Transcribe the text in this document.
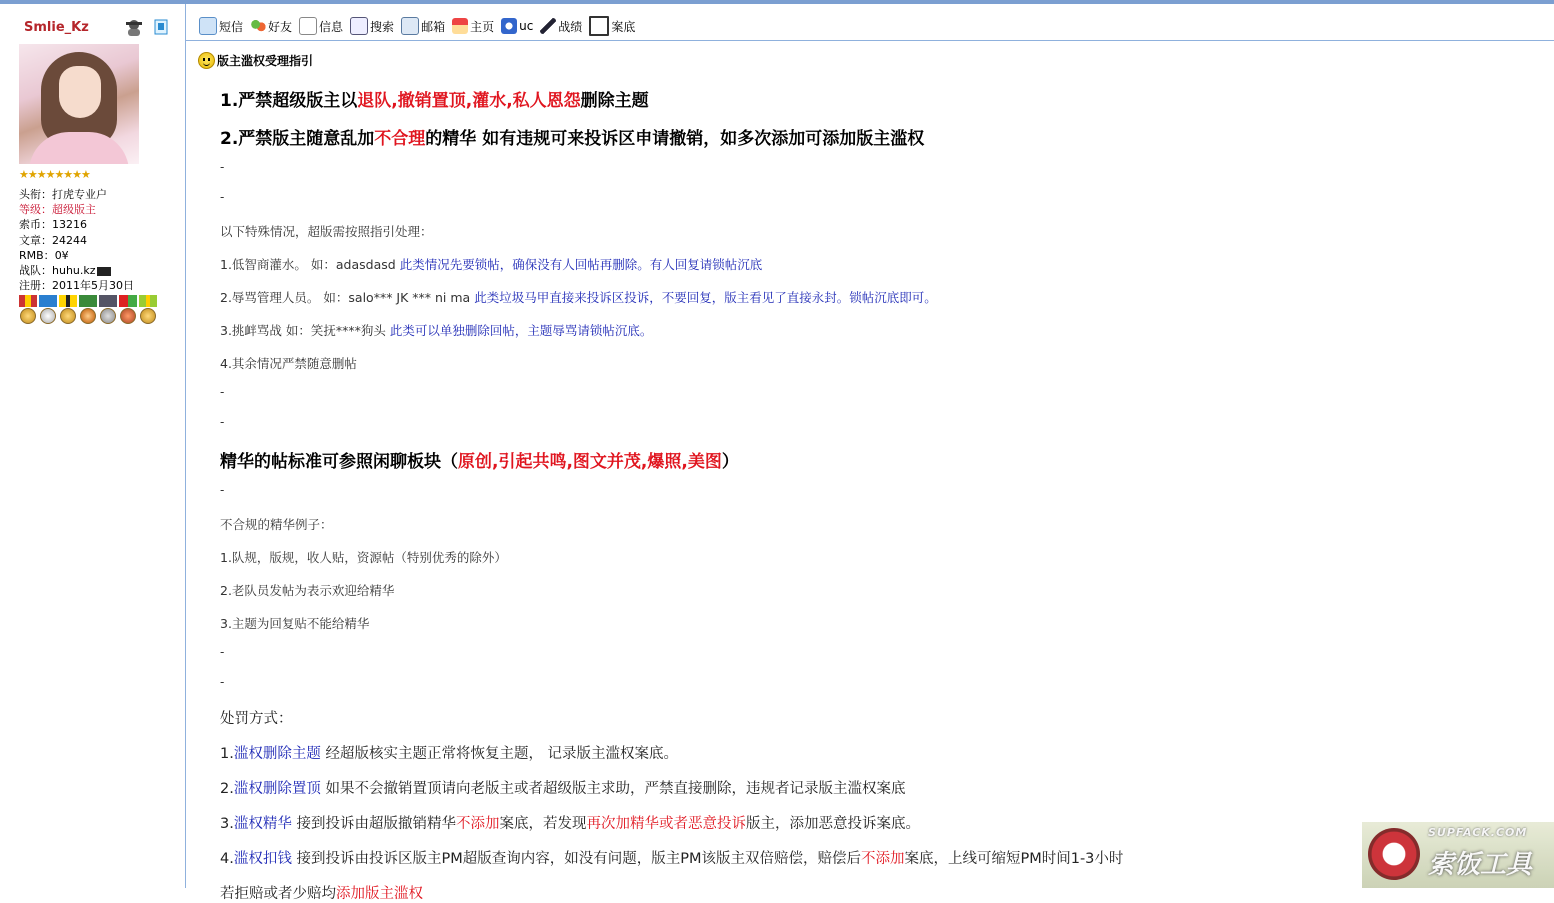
Smlie_Kz
★★★★★★★★
头衔：打虎专业户
等级：超级版主
索币：13216
文章：24244
RMB：0¥
战队：huhu.kz
注册：2011年5月30日
短信 好友 信息 搜索 邮箱 主页 uc 战绩 案底
版主滥权受理指引
1.严禁超级版主以退队,撤销置顶,灌水,私人恩怨删除主题
2.严禁版主随意乱加不合理的精华 如有违规可来投诉区申请撤销，如多次添加可添加版主滥权
-
-
以下特殊情况，超版需按照指引处理：
1.低智商灌水。 如：adasdasd 此类情况先要锁帖，确保没有人回帖再删除。有人回复请锁帖沉底
2.辱骂管理人员。 如：salo*** JK *** ni ma 此类垃圾马甲直接来投诉区投诉，不要回复，版主看见了直接永封。锁帖沉底即可。
3.挑衅骂战 如：笑抚****狗头 此类可以单独删除回帖，主题辱骂请锁帖沉底。
4.其余情况严禁随意删帖
-
-
精华的帖标准可参照闲聊板块（原创,引起共鸣,图文并茂,爆照,美图）
-
不合规的精华例子：
1.队规，版规，收人贴，资源帖（特别优秀的除外）
2.老队员发帖为表示欢迎给精华
3.主题为回复贴不能给精华
-
-
处罚方式：
1.滥权删除主题 经超版核实主题正常将恢复主题， 记录版主滥权案底。
2.滥权删除置顶 如果不会撤销置顶请向老版主或者超级版主求助，严禁直接删除，违规者记录版主滥权案底
3.滥权精华 接到投诉由超版撤销精华不添加案底，若发现再次加精华或者恶意投诉版主，添加恶意投诉案底。
4.滥权扣钱 接到投诉由投诉区版主PM超版查询内容，如没有问题，版主PM该版主双倍赔偿，赔偿后不添加案底，上线可缩短PM时间1-3小时
若拒赔或者少赔均添加版主滥权
SUPFACK.COM
索饭工具
